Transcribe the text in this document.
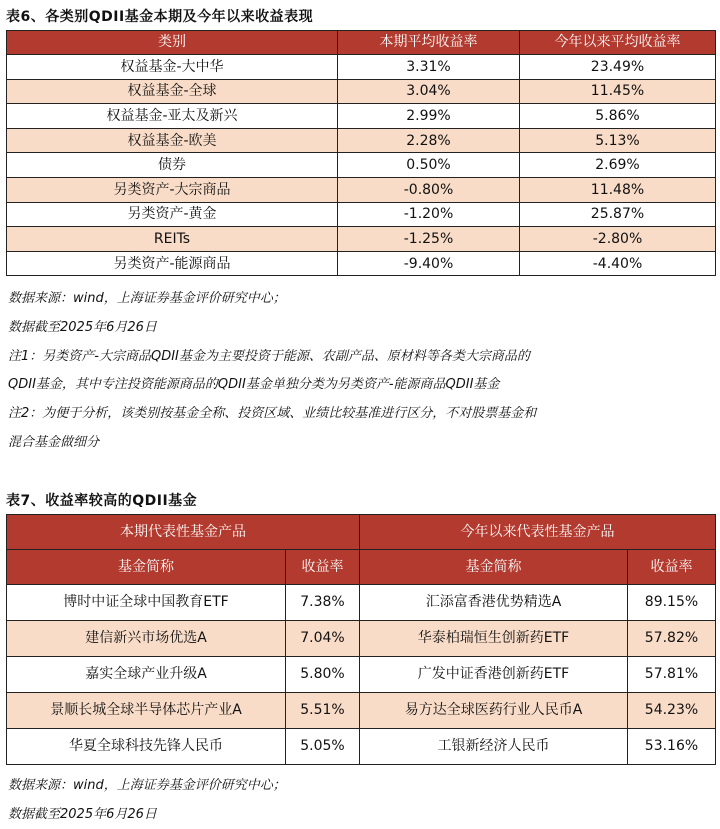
表6、各类别QDII基金本期及今年以来收益表现
类别	本期平均收益率	今年以来平均收益率
权益基金-大中华	3.31%	23.49%
权益基金-全球	3.04%	11.45%
权益基金-亚太及新兴	2.99%	5.86%
权益基金-欧美	2.28%	5.13%
债券	0.50%	2.69%
另类资产-大宗商品	-0.80%	11.48%
另类资产-黄金	-1.20%	25.87%
REITs	-1.25%	-2.80%
另类资产-能源商品	-9.40%	-4.40%
数据来源：wind，上海证券基金评价研究中心；
数据截至2025年6月26日
注1：另类资产-大宗商品QDII基金为主要投资于能源、农副产品、原材料等各类大宗商品的
QDII基金，其中专注投资能源商品的QDII基金单独分类为另类资产-能源商品QDII基金
注2：为便于分析，该类别按基金全称、投资区域、业绩比较基准进行区分，不对股票基金和
混合基金做细分
表7、收益率较高的QDII基金
本期代表性基金产品		今年以来代表性基金产品	
基金简称	收益率	基金简称	收益率
博时中证全球中国教育ETF	7.38%	汇添富香港优势精选A	89.15%
建信新兴市场优选A	7.04%	华泰柏瑞恒生创新药ETF	57.82%
嘉实全球产业升级A	5.80%	广发中证香港创新药ETF	57.81%
景顺长城全球半导体芯片产业A	5.51%	易方达全球医药行业人民币A	54.23%
华夏全球科技先锋人民币	5.05%	工银新经济人民币	53.16%
数据来源：wind，上海证券基金评价研究中心；
数据截至2025年6月26日
